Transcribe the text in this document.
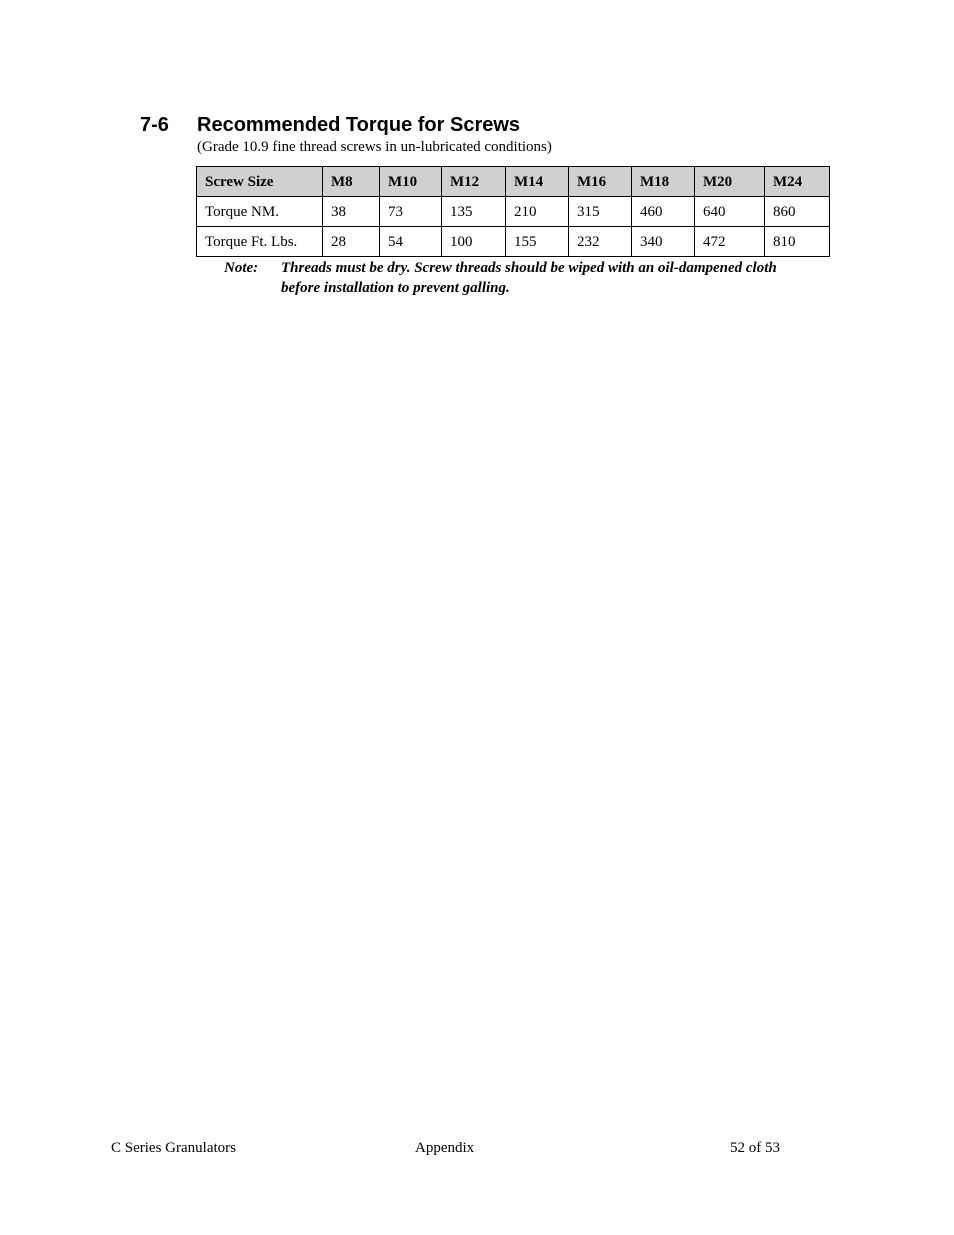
7-6 Recommended Torque for Screws
(Grade 10.9 fine thread screws in un-lubricated conditions)
Screw Size	M8	M10	M12	M14	M16	M18	M20	M24
Torque NM.	38	73	135	210	315	460	640	860
Torque Ft. Lbs.	28	54	100	155	232	340	472	810
Note: Threads must be dry. Screw threads should be wiped with an oil-dampened cloth before installation to prevent galling.
C Series Granulators	Appendix	52 of 53
